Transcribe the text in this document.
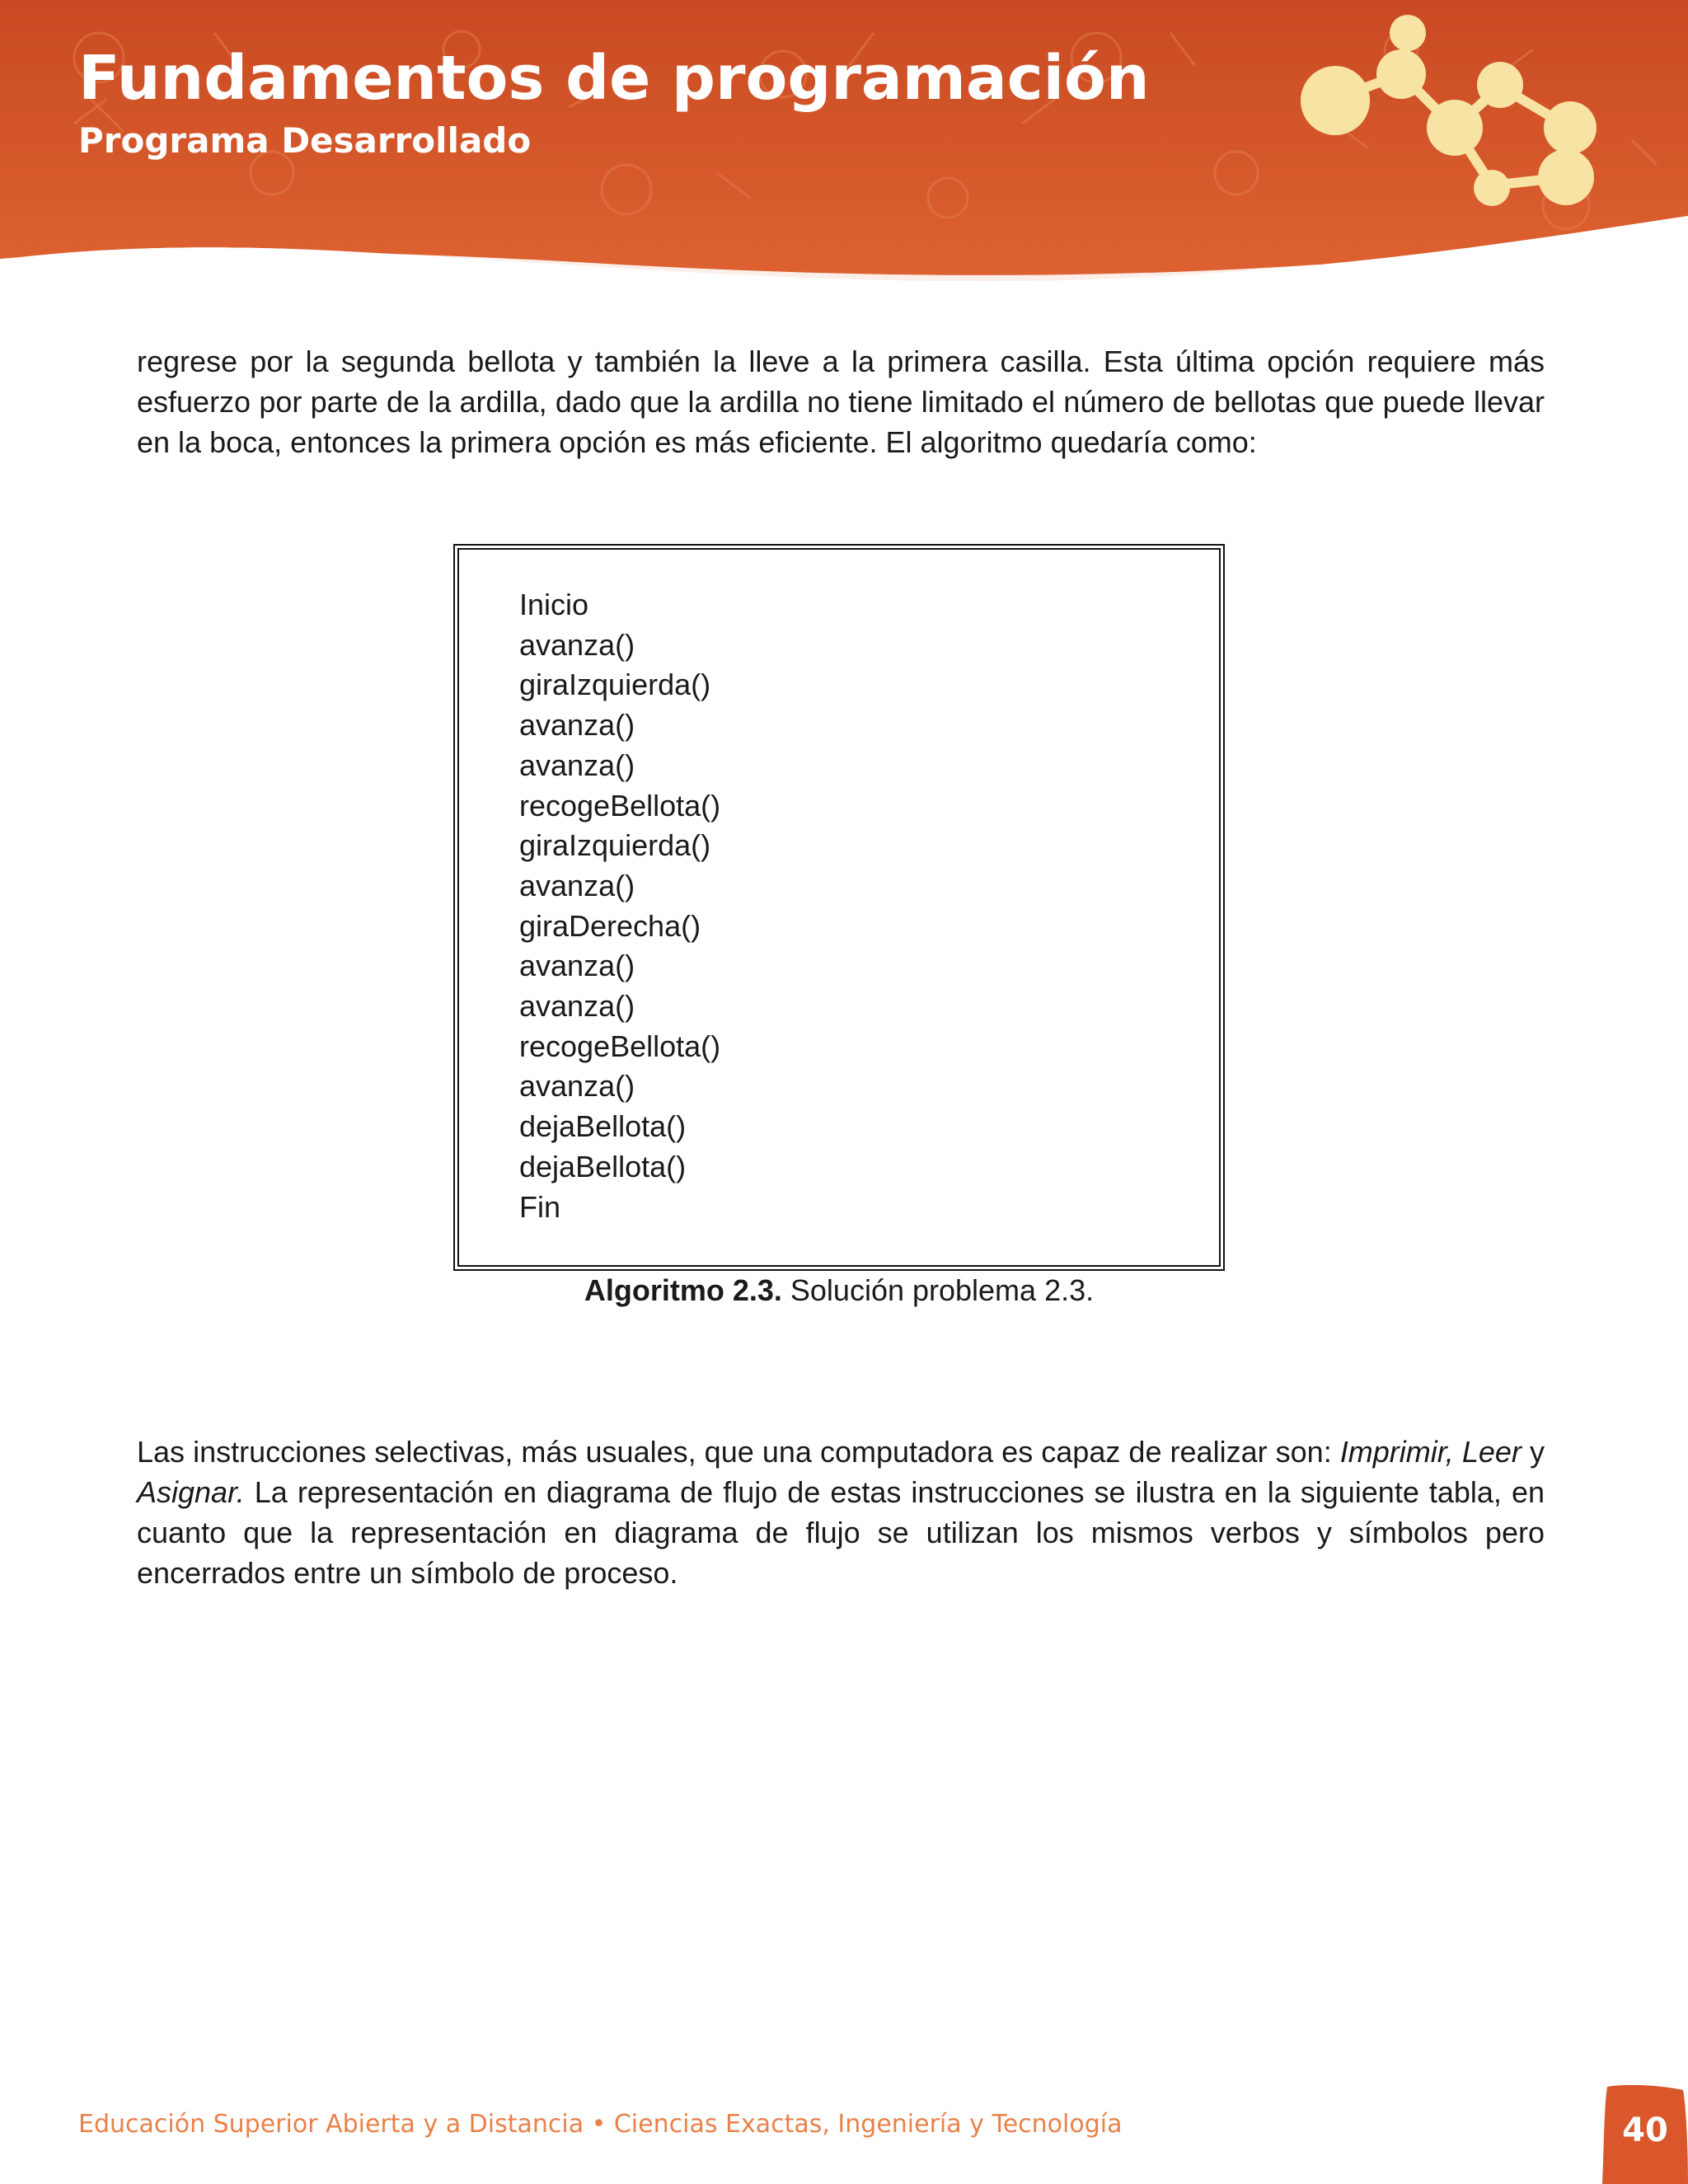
Fundamentos de programación
Programa Desarrollado
regrese por la segunda bellota y también la lleve a la primera casilla. Esta última opción requiere más esfuerzo por parte de la ardilla, dado que la ardilla no tiene limitado el número de bellotas que puede llevar en la boca, entonces la primera opción es más eficiente. El algoritmo quedaría como:
Inicio
avanza()
giraIzquierda()
avanza()
avanza()
recogeBellota()
giraIzquierda()
avanza()
giraDerecha()
avanza()
avanza()
recogeBellota()
avanza()
dejaBellota()
dejaBellota()
Fin
Algoritmo 2.3. Solución problema 2.3.
Las instrucciones selectivas, más usuales, que una computadora es capaz de realizar son: Imprimir, Leer y Asignar. La representación en diagrama de flujo de estas instrucciones se ilustra en la siguiente tabla, en cuanto que la representación en diagrama de flujo se utilizan los mismos verbos y símbolos pero encerrados entre un símbolo de proceso.
Educación Superior Abierta y a Distancia • Ciencias Exactas, Ingeniería y Tecnología	40
